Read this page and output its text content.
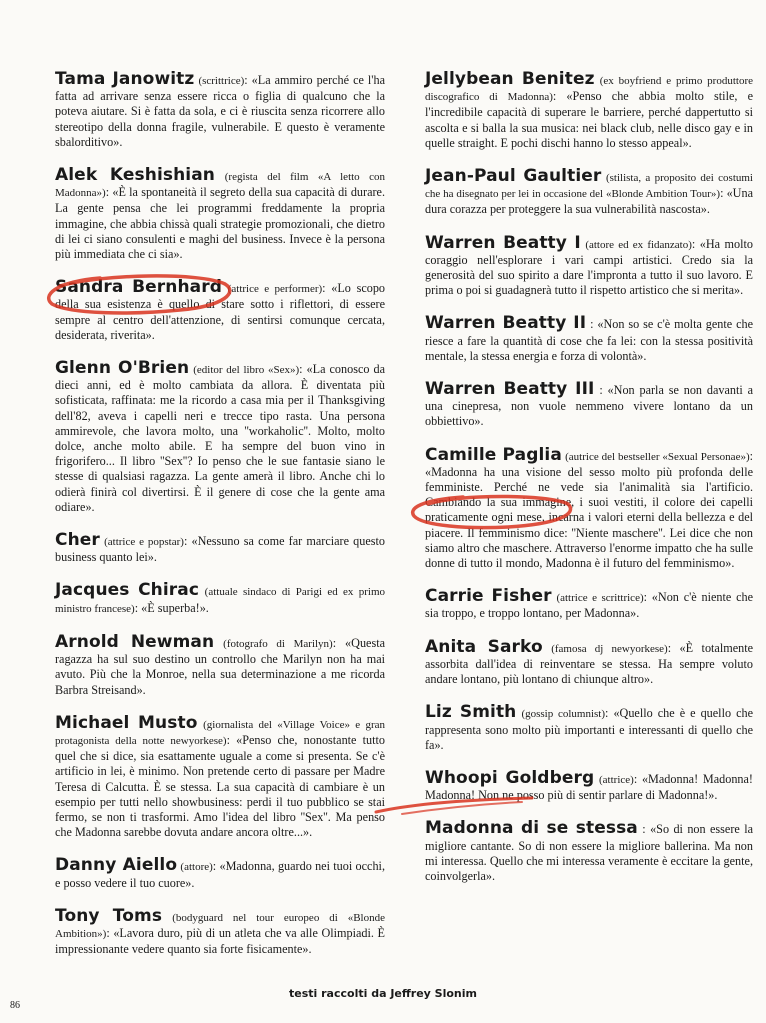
Tama Janowitz (scrittrice): «La ammiro perché ce l'ha fatta ad arrivare senza essere ricca o figlia di qualcuno che la poteva aiutare. Si è fatta da sola, e ci è riuscita senza ricorrere allo stereotipo della donna fragile, vulnerabile. E questo è veramente sbalorditivo».

Alek Keshishian (regista del film «A letto con Madonna»): «È la spontaneità il segreto della sua capacità di durare. La gente pensa che lei programmi freddamente la propria immagine, che abbia chissà quali strategie promozionali, che dietro di lei ci siano consulenti e maghi del business. Invece è la persona più immediata che ci sia».

Sandra Bernhard (attrice e performer): «Lo scopo della sua esistenza è quello di stare sotto i riflettori, di essere sempre al centro dell'attenzione, di sentirsi comunque cercata, desiderata, riverita».

Glenn O'Brien (editor del libro «Sex»): «La conosco da dieci anni, ed è molto cambiata da allora. È diventata più sofisticata, raffinata: me la ricordo a casa mia per il Thanksgiving dell'82, aveva i capelli neri e trecce tipo rasta. Una persona ammirevole, che lavora molto, una ''workaholic''. Molto, molto dolce, anche molto abile. E ha sempre del buon vino in frigorifero... Il libro ''Sex''? Io penso che le sue fantasie siano le stesse di qualsiasi ragazza. La gente amerà il libro. Anche chi lo odierà finirà col divertirsi. È il genere di cose che la gente ama odiare».

Cher (attrice e popstar): «Nessuno sa come far marciare questo business quanto lei».

Jacques Chirac (attuale sindaco di Parigi ed ex primo ministro francese): «È superba!».

Arnold Newman (fotografo di Marilyn): «Questa ragazza ha sul suo destino un controllo che Marilyn non ha mai avuto. Più che la Monroe, nella sua determinazione a me ricorda Barbra Streisand».

Michael Musto (giornalista del «Village Voice» e gran protagonista della notte newyorkese): «Penso che, nonostante tutto quel che si dice, sia esattamente uguale a come si presenta. Se c'è artificio in lei, è minimo. Non pretende certo di passare per Madre Teresa di Calcutta. È se stessa. La sua capacità di cambiare è un esempio per tutti nello showbusiness: perdi il tuo pubblico se stai fermo, se non ti trasformi. Amo l'idea del libro ''Sex''. Ma penso che Madonna sarebbe dovuta andare ancora oltre...».

Danny Aiello (attore): «Madonna, guardo nei tuoi occhi, e posso vedere il tuo cuore».

Tony Toms (bodyguard nel tour europeo di «Blonde Ambition»): «Lavora duro, più di un atleta che va alle Olimpiadi. È impressionante vedere quanto sia forte fisicamente».

Jellybean Benitez (ex boyfriend e primo produttore discografico di Madonna): «Penso che abbia molto stile, e l'incredibile capacità di superare le barriere, perché dappertutto si ascolta e si balla la sua musica: nei black club, nelle disco gay e in quelle straight. E pochi dischi hanno lo stesso appeal».

Jean-Paul Gaultier (stilista, a proposito dei costumi che ha disegnato per lei in occasione del «Blonde Ambition Tour»): «Una dura corazza per proteggere la sua vulnerabilità nascosta».

Warren Beatty I (attore ed ex fidanzato): «Ha molto coraggio nell'esplorare i vari campi artistici. Credo sia la generosità del suo spirito a dare l'impronta a tutto il suo lavoro. E prima o poi si guadagnerà tutto il rispetto artistico che si merita».

Warren Beatty II : «Non so se c'è molta gente che riesce a fare la quantità di cose che fa lei: con la stessa positività mentale, la stessa energia e forza di volontà».

Warren Beatty III : «Non parla se non davanti a una cinepresa, non vuole nemmeno vivere lontano da un obbiettivo».

Camille Paglia (autrice del bestseller «Sexual Personae»): «Madonna ha una visione del sesso molto più profonda delle femministe. Perché ne vede sia l'animalità sia l'artificio. Cambiando la sua immagine, i suoi vestiti, il colore dei capelli praticamente ogni mese, incarna i valori eterni della bellezza e del piacere. Il femminismo dice: ''Niente maschere''. Lei dice che non siamo altro che maschere. Attraverso l'enorme impatto che ha sulle donne di tutto il mondo, Madonna è il futuro del femminismo».

Carrie Fisher (attrice e scrittrice): «Non c'è niente che sia troppo, e troppo lontano, per Madonna».

Anita Sarko (famosa dj newyorkese): «È totalmente assorbita dall'idea di reinventare se stessa. Ha sempre voluto andare lontano, più lontano di chiunque altro».

Liz Smith (gossip columnist): «Quello che è e quello che rappresenta sono molto più importanti e interessanti di quello che fa».

Whoopi Goldberg (attrice): «Madonna! Madonna! Madonna! Non ne posso più di sentir parlare di Madonna!».

Madonna di se stessa : «So di non essere la migliore cantante. So di non essere la migliore ballerina. Ma non mi interessa. Quello che mi interessa veramente è eccitare la gente, coinvolgerla».

testi raccolti da Jeffrey Slonim
86
